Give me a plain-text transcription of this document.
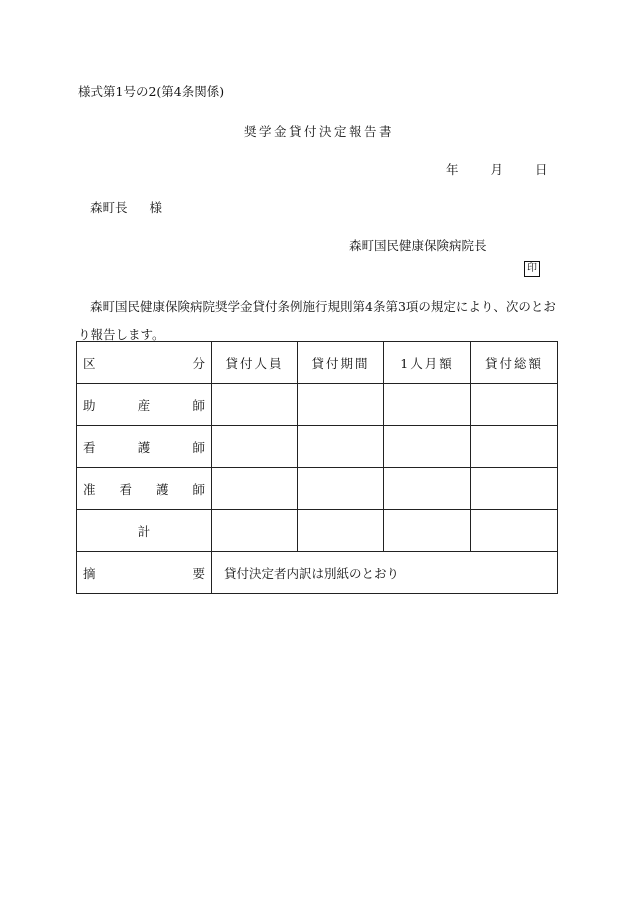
様式第1号の2(第4条関係)
奨学金貸付決定報告書
年	月	日
森町長 様
森町国民健康保険病院長
印
森町国民健康保険病院奨学金貸付条例施行規則第4条第3項の規定により、次のとおり報告します。
区 分	貸付人員	貸付期間	1人月額	貸付総額

助 産 師				

看 護 師				

准 看 護 師				

計				

摘 要	貸付決定者内訳は別紙のとおり			
